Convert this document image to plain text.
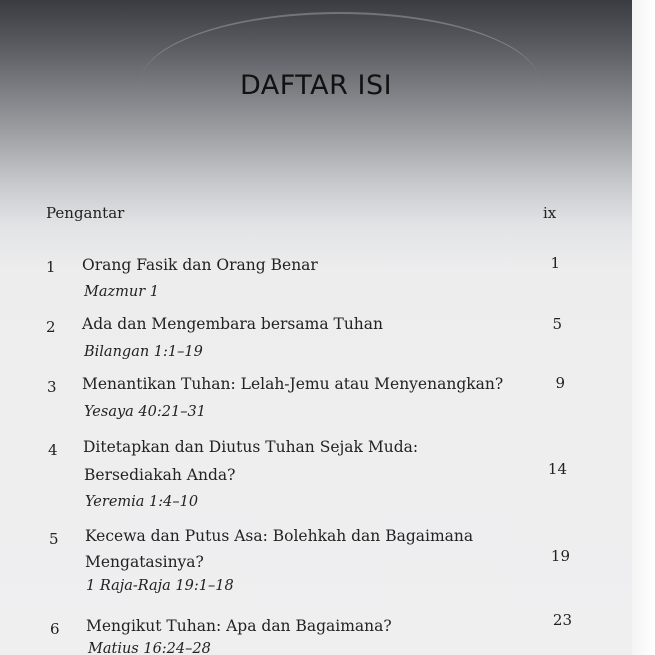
DAFTAR ISI
Pengantar	ix
1 Orang Fasik dan Orang Benar
Mazmur 1
1
2 Ada dan Mengembara bersama Tuhan
Bilangan 1:1–19
5
3 Menantikan Tuhan: Lelah-Jemu atau Menyenangkan?
Yesaya 40:21–31
9
4 Ditetapkan dan Diutus Tuhan Sejak Muda:
Bersediakah Anda?
Yeremia 1:4–10
14
5 Kecewa dan Putus Asa: Bolehkah dan Bagaimana
Mengatasinya?
1 Raja-Raja 19:1–18
19
6 Mengikut Tuhan: Apa dan Bagaimana?
Matius 16:24–28
23
